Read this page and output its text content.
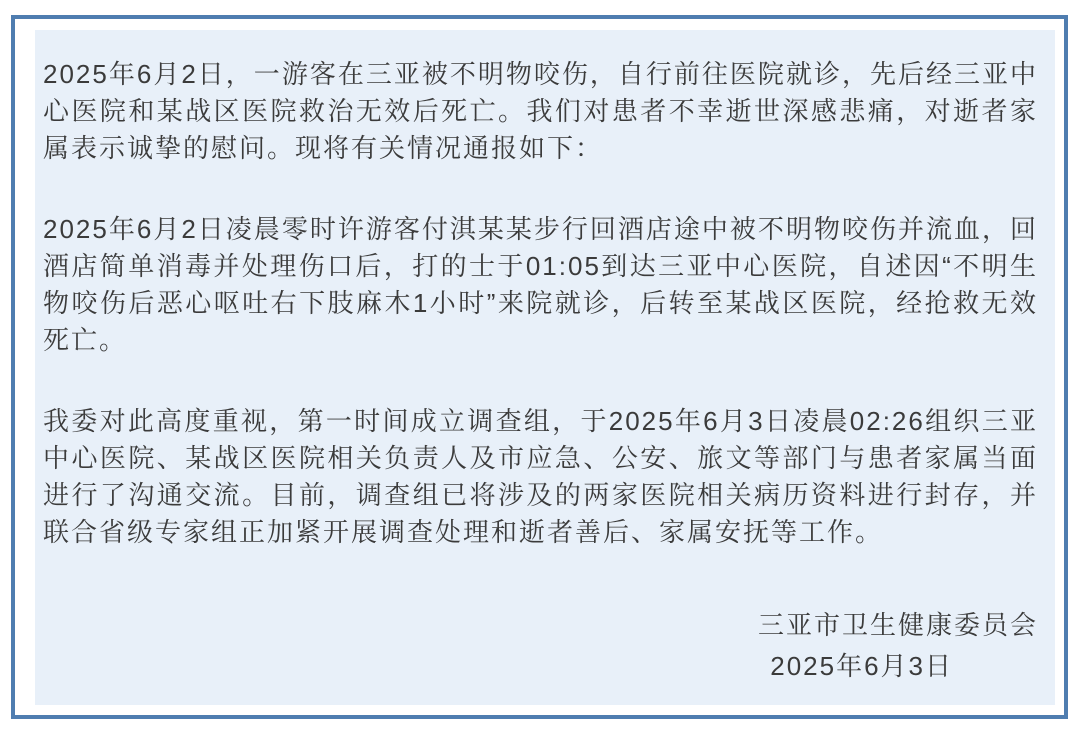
2025年6月2日，一游客在三亚被不明物咬伤，自行前往医院就诊，先后经三亚中心医院和某战区医院救治无效后死亡。我们对患者不幸逝世深感悲痛，对逝者家属表示诚挚的慰问。现将有关情况通报如下：

2025年6月2日凌晨零时许游客付淇某某步行回酒店途中被不明物咬伤并流血，回酒店简单消毒并处理伤口后，打的士于01:05到达三亚中心医院，自述因“不明生物咬伤后恶心呕吐右下肢麻木1小时”来院就诊，后转至某战区医院，经抢救无效死亡。

我委对此高度重视，第一时间成立调查组，于2025年6月3日凌晨02:26组织三亚中心医院、某战区医院相关负责人及市应急、公安、旅文等部门与患者家属当面进行了沟通交流。目前，调查组已将涉及的两家医院相关病历资料进行封存，并联合省级专家组正加紧开展调查处理和逝者善后、家属安抚等工作。

三亚市卫生健康委员会
2025年6月3日
